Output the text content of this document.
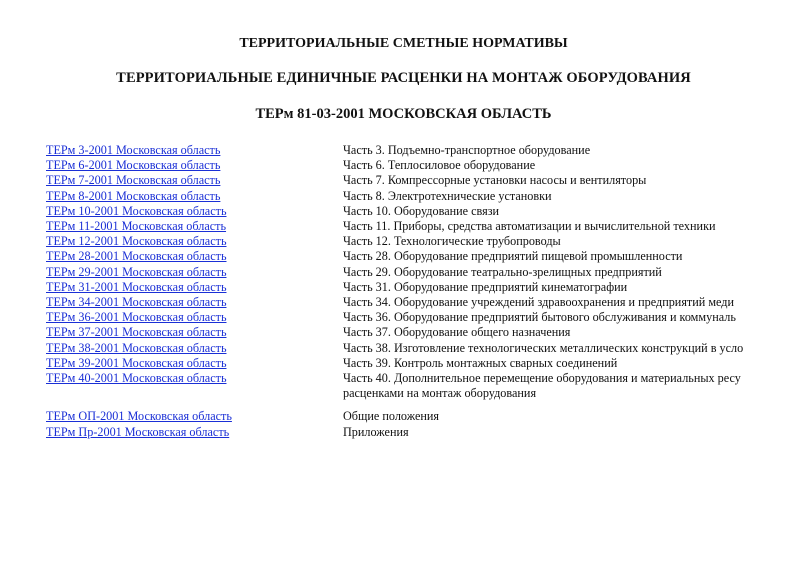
ТЕРРИТОРИАЛЬНЫЕ СМЕТНЫЕ НОРМАТИВЫ
ТЕРРИТОРИАЛЬНЫЕ ЕДИНИЧНЫЕ РАСЦЕНКИ НА МОНТАЖ ОБОРУДОВАНИЯ
ТЕРм 81-03-2001 МОСКОВСКАЯ ОБЛАСТЬ
ТЕРм 3-2001 Московская область	Часть 3. Подъемно-транспортное оборудование
ТЕРм 6-2001 Московская область	Часть 6. Теплосиловое оборудование
ТЕРм 7-2001 Московская область	Часть 7. Компрессорные установки насосы и вентиляторы
ТЕРм 8-2001 Московская область	Часть 8. Электротехнические установки
ТЕРм 10-2001 Московская область	Часть 10. Оборудование связи
ТЕРм 11-2001 Московская область	Часть 11. Приборы, средства автоматизации и вычислительной техники
ТЕРм 12-2001 Московская область	Часть 12. Технологические трубопроводы
ТЕРм 28-2001 Московская область	Часть 28. Оборудование предприятий пищевой промышленности
ТЕРм 29-2001 Московская область	Часть 29. Оборудование театрально-зрелищных предприятий
ТЕРм 31-2001 Московская область	Часть 31. Оборудование предприятий кинематографии
ТЕРм 34-2001 Московская область	Часть 34. Оборудование учреждений здравоохранения и предприятий меди
ТЕРм 36-2001 Московская область	Часть 36. Оборудование предприятий бытового обслуживания и коммуналь
ТЕРм 37-2001 Московская область	Часть 37. Оборудование общего назначения
ТЕРм 38-2001 Московская область	Часть 38. Изготовление технологических металлических конструкций в усло
ТЕРм 39-2001 Московская область	Часть 39. Контроль монтажных сварных соединений
ТЕРм 40-2001 Московская область	Часть 40. Дополнительное перемещение оборудования и материальных ресу
расценками на монтаж оборудования
ТЕРм ОП-2001 Московская область	Общие положения
ТЕРм Пр-2001 Московская область	Приложения
